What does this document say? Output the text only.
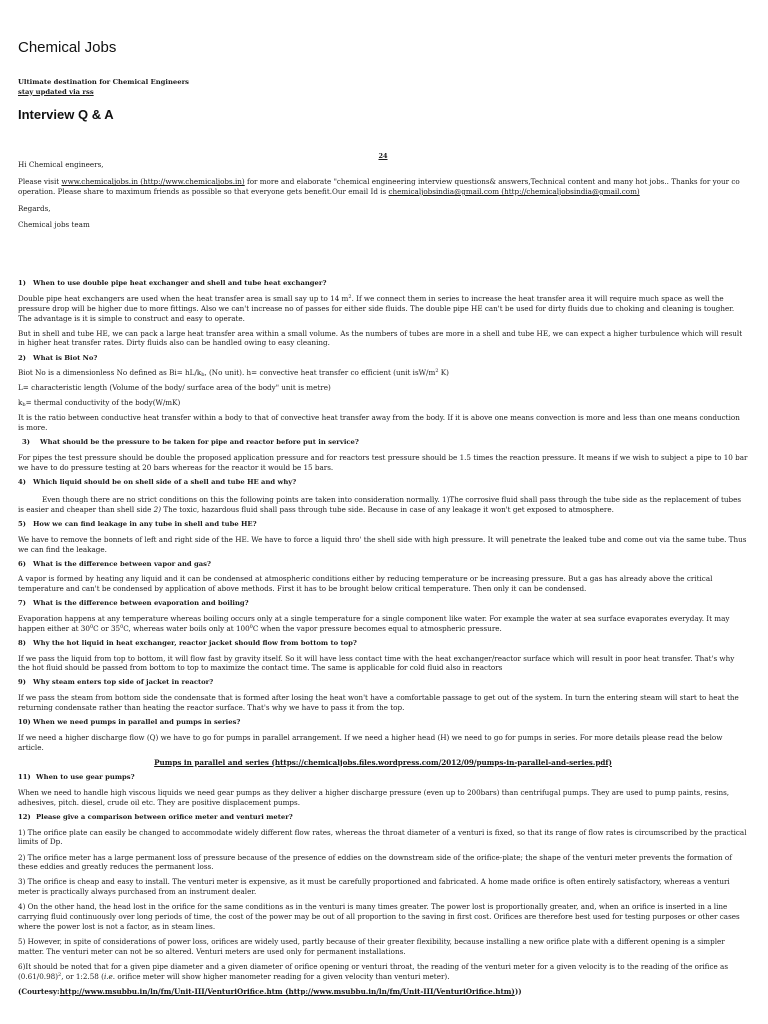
Chemical Jobs
Ultimate destination for Chemical Engineers
stay updated via rss
Interview Q & A
24

Hi Chemical engineers,

Please visit www.chemicaljobs.in (http://www.chemicaljobs.in) for more and elaborate "chemical engineering interview questions& answers,Technical content and many hot jobs.. Thanks for your co operation. Please share to maximum friends as possible so that everyone gets benefit.Our email Id is chemicaljobsindia@gmail.com (http://chemicaljobsindia@gmail.com)

Regards,

Chemical jobs team

1) When to use double pipe heat exchanger and shell and tube heat exchanger?

Double pipe heat exchangers are used when the heat transfer area is small say up to 14 $m^2$. If we connect them in series to increase the heat transfer area it will require much space as well the pressure drop will be higher due to more fittings. Also we can't increase no of passes for either side fluids. The double pipe HE can't be used for dirty fluids due to choking and cleaning is tougher. The advantage is it is simple to construct and easy to operate.

But in shell and tube HE, we can pack a large heat transfer area within a small volume. As the numbers of tubes are more in a shell and tube HE, we can expect a higher turbulence which will result in higher heat transfer rates. Dirty fluids also can be handled owing to easy cleaning.

2) What is Biot No?

Biot No is a dimensionless No defined as $Bi= hL/k_b$, (No unit). h= convective heat transfer co efficient (unit isW/$m^2$ K)

L= characteristic length (Volume of the body/ surface area of the body" unit is metre)

$k_b=$ thermal conductivity of the body(W/mK)

It is the ratio between conductive heat transfer within a body to that of convective heat transfer away from the body. If it is above one means convection is more and less than one means conduction is more.

3) What should be the pressure to be taken for pipe and reactor before put in service?

For pipes the test pressure should be double the proposed application pressure and for reactors test pressure should be 1.5 times the reaction pressure. It means if we wish to subject a pipe to 10 bar we have to do pressure testing at 20 bars whereas for the reactor it would be 15 bars.

4) Which liquid should be on shell side of a shell and tube HE and why?

Even though there are no strict conditions on this the following points are taken into consideration normally. 1)The corrosive fluid shall pass through the tube side as the replacement of tubes is easier and cheaper than shell side 2) The toxic, hazardous fluid shall pass through tube side. Because in case of any leakage it won't get exposed to atmosphere.

5) How we can find leakage in any tube in shell and tube HE?

We have to remove the bonnets of left and right side of the HE. We have to force a liquid thro' the shell side with high pressure. It will penetrate the leaked tube and come out via the same tube. Thus we can find the leakage.

6) What is the difference between vapor and gas?

A vapor is formed by heating any liquid and it can be condensed at atmospheric conditions either by reducing temperature or be increasing pressure. But a gas has already above the critical temperature and can't be condensed by application of above methods. First it has to be brought below critical temperature. Then only it can be condensed.

7) What is the difference between evaporation and boiling?

Evaporation happens at any temperature whereas boiling occurs only at a single temperature for a single component like water. For example the water at sea surface evaporates everyday. It may happen either at $30^0C$ or $35^0C$, whereas water boils only at $100^0C$ when the vapor pressure becomes equal to atmospheric pressure.

8) Why the hot liquid in heat exchanger, reactor jacket should flow from bottom to top?

If we pass the liquid from top to bottom, it will flow fast by gravity itself. So it will have less contact time with the heat exchanger/reactor surface which will result in poor heat transfer. That's why the hot fluid should be passed from bottom to top to maximize the contact time. The same is applicable for cold fluid also in reactors

9) Why steam enters top side of jacket in reactor?

If we pass the steam from bottom side the condensate that is formed after losing the heat won't have a comfortable passage to get out of the system. In turn the entering steam will start to heat the returning condensate rather than heating the reactor surface. That's why we have to pass it from the top.

10) When we need pumps in parallel and pumps in series?

If we need a higher discharge flow (Q) we have to go for pumps in parallel arrangement. If we need a higher head (H) we need to go for pumps in series. For more details please read the below article.

Pumps in parallel and series (https://chemicaljobs.files.wordpress.com/2012/09/pumps-in-parallel-and-series.pdf)
11) When to use gear pumps?

When we need to handle high viscous liquids we need gear pumps as they deliver a higher discharge pressure (even up to 200bars) than centrifugal pumps. They are used to pump paints, resins, adhesives, pitch. diesel, crude oil etc. They are positive displacement pumps.

12) Please give a comparison between orifice meter and venturi meter?

1) The orifice plate can easily be changed to accommodate widely different flow rates, whereas the throat diameter of a venturi is fixed, so that its range of flow rates is circumscribed by the practical limits of Dp.

2) The orifice meter has a large permanent loss of pressure because of the presence of eddies on the downstream side of the orifice-plate; the shape of the venturi meter prevents the formation of these eddies and greatly reduces the permanent loss.

3) The orifice is cheap and easy to install. The venturi meter is expensive, as it must be carefully proportioned and fabricated. A home made orifice is often entirely satisfactory, whereas a venturi meter is practically always purchased from an instrument dealer.

4) On the other hand, the head lost in the orifice for the same conditions as in the venturi is many times greater. The power lost is proportionally greater, and, when an orifice is inserted in a line carrying fluid continuously over long periods of time, the cost of the power may be out of all proportion to the saving in first cost. Orifices are therefore best used for testing purposes or other cases where the power lost is not a factor, as in steam lines.

5) However, in spite of considerations of power loss, orifices are widely used, partly because of their greater flexibility, because installing a new orifice plate with a different opening is a simpler matter. The venturi meter can not be so altered. Venturi meters are used only for permanent installations.

6)It should be noted that for a given pipe diameter and a given diameter of orifice opening or venturi throat, the reading of the venturi meter for a given velocity is to the reading of the orifice as $(0.61/0.98)^2$, or 1:2.58 (i.e. orifice meter will show higher manometer reading for a given velocity than venturi meter).

(Courtesy:http://www.msubbu.in/ln/fm/Unit-III/VenturiOrifice.htm (http://www.msubbu.in/ln/fm/Unit-III/VenturiOrifice.htm)))
